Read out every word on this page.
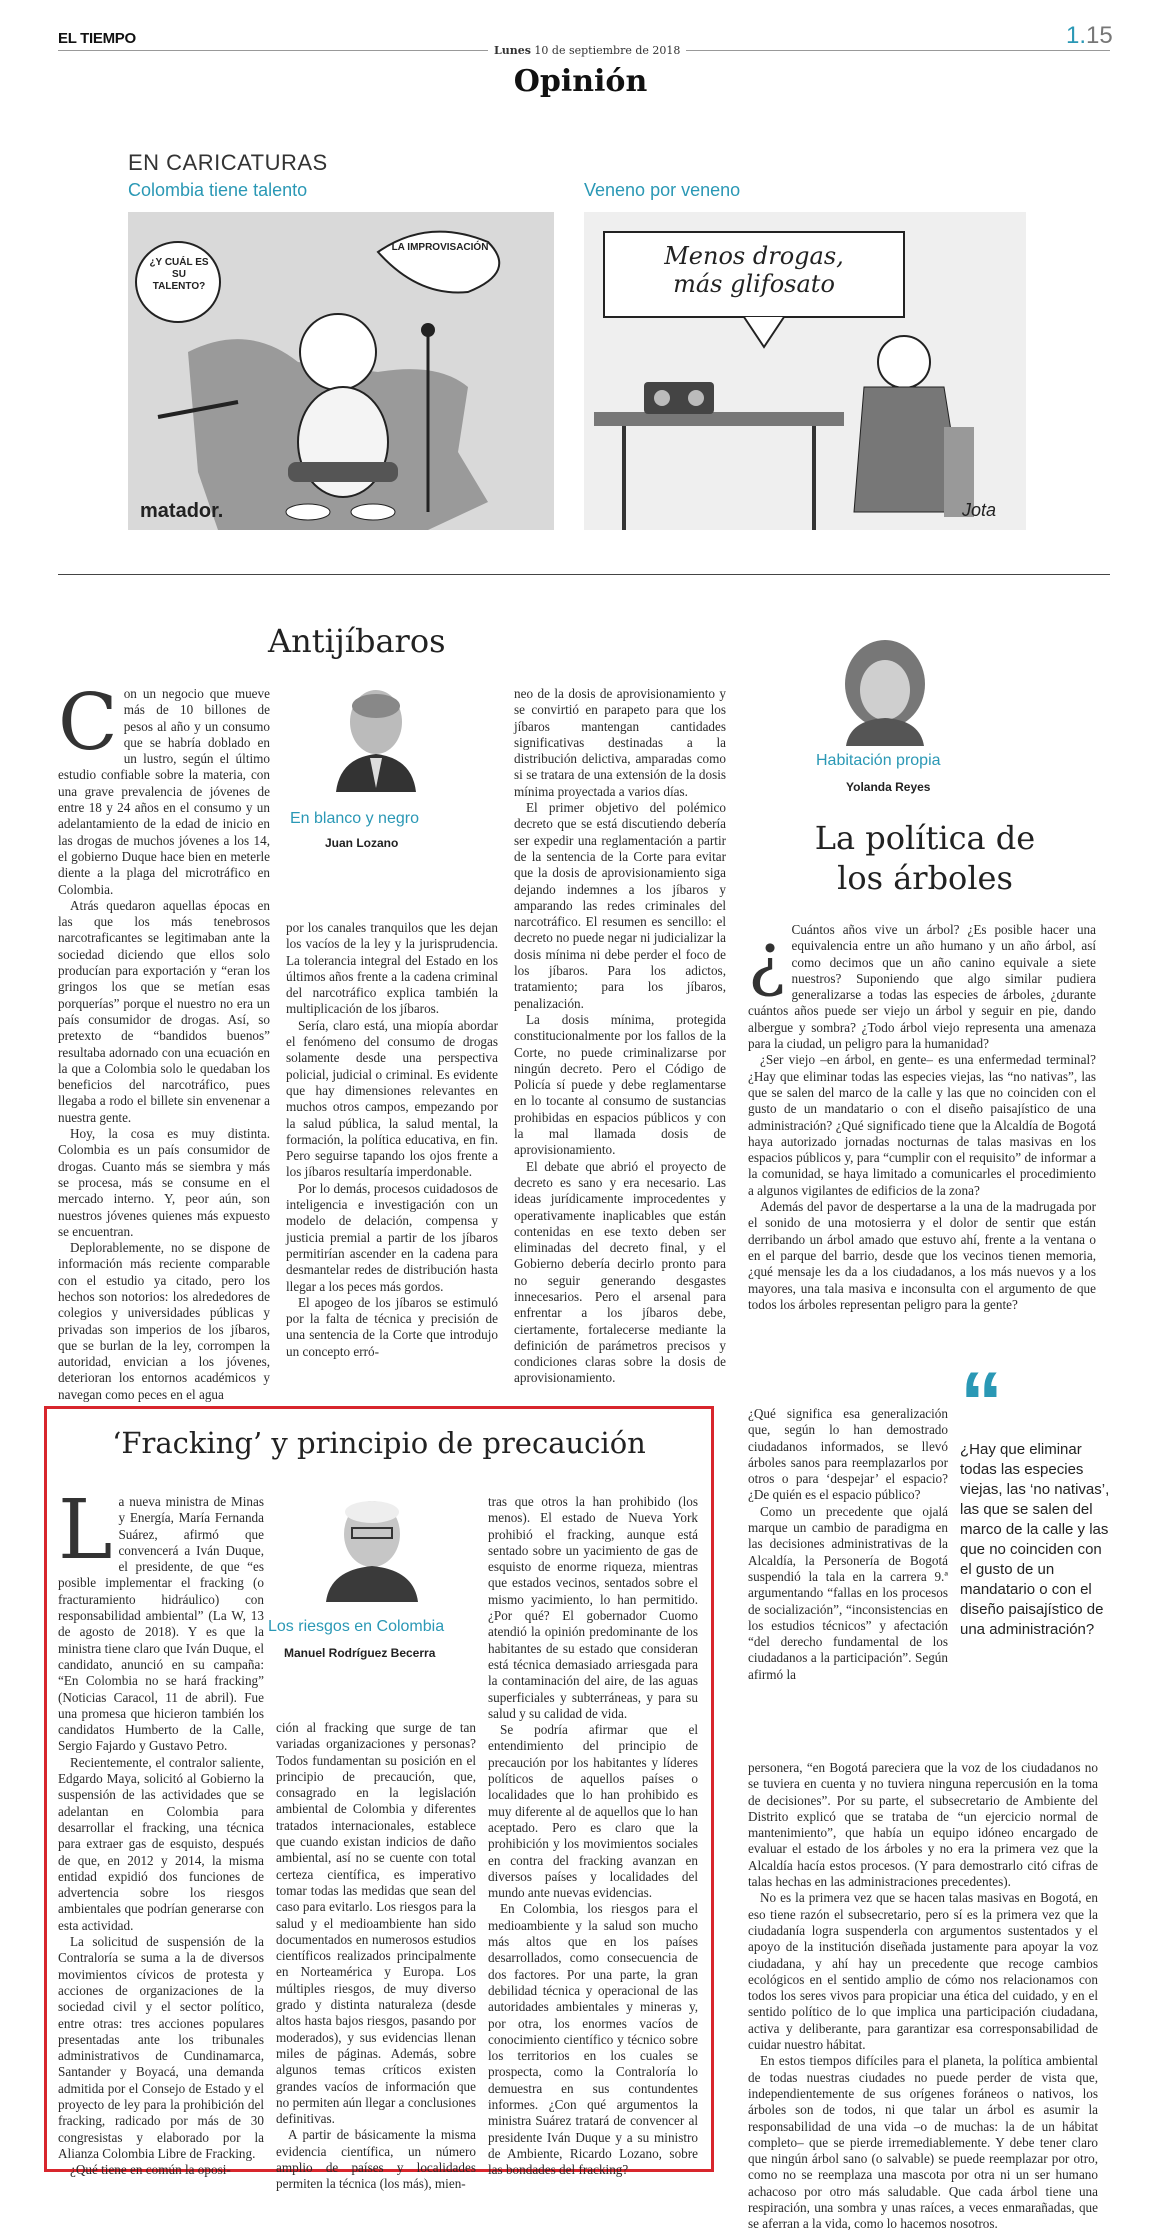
EL TIEMPO
Lunes 10 de septiembre de 2018
1.15
Opinión
EN CARICATURAS
Colombia tiene talento	Veneno por veneno
¿Y CUÁL ES SU TALENTO?
LA IMPROVISACIÓN
matador.
Menos drogas,
más glifosato
Jota
Antijíbaros
En blanco y negro
Juan Lozano
C on un negocio que mueve más de 10 billones de pesos al año y un consumo que se habría doblado en un lustro, según el último estudio confiable sobre la materia, con una grave prevalencia de jóvenes de entre 18 y 24 años en el consumo y un adelantamiento de la edad de inicio en las drogas de muchos jóvenes a los 14, el gobierno Duque hace bien en meterle diente a la plaga del microtráfico en Colombia.

Atrás quedaron aquellas épocas en las que los más tenebrosos narcotraficantes se legitimaban ante la sociedad diciendo que ellos solo producían para exportación y “eran los gringos los que se metían esas porquerías” porque el nuestro no era un país consumidor de drogas. Así, so pretexto de “bandidos buenos” resultaba adornado con una ecuación en la que a Colombia solo le quedaban los beneficios del narcotráfico, pues llegaba a rodo el billete sin envenenar a nuestra gente.

Hoy, la cosa es muy distinta. Colombia es un país consumidor de drogas. Cuanto más se siembra y más se procesa, más se consume en el mercado interno. Y, peor aún, son nuestros jóvenes quienes más expuesto se encuentran.

Deplorablemente, no se dispone de información más reciente comparable con el estudio ya citado, pero los hechos son notorios: los alrededores de colegios y universidades públicas y privadas son imperios de los jíbaros, que se burlan de la ley, corrompen la autoridad, envician a los jóvenes, deterioran los entornos académicos y navegan como peces en el agua

por los canales tranquilos que les dejan los vacíos de la ley y la jurisprudencia. La tolerancia integral del Estado en los últimos años frente a la cadena criminal del narcotráfico explica también la multiplicación de los jíbaros.

Sería, claro está, una miopía abordar el fenómeno del consumo de drogas solamente desde una perspectiva policial, judicial o criminal. Es evidente que hay dimensiones relevantes en muchos otros campos, empezando por la salud pública, la salud mental, la formación, la política educativa, en fin. Pero seguirse tapando los ojos frente a los jíbaros resultaría imperdonable.

Por lo demás, procesos cuidadosos de inteligencia e investigación con un modelo de delación, compensa y justicia premial a partir de los jíbaros permitirían ascender en la cadena para desmantelar redes de distribución hasta llegar a los peces más gordos.

El apogeo de los jíbaros se estimuló por la falta de técnica y precisión de una sentencia de la Corte que introdujo un concepto erró-

neo de la dosis de aprovisionamiento y se convirtió en parapeto para que los jíbaros mantengan cantidades significativas destinadas a la distribución delictiva, amparadas como si se tratara de una extensión de la dosis mínima proyectada a varios días.

El primer objetivo del polémico decreto que se está discutiendo debería ser expedir una reglamentación a partir de la sentencia de la Corte para evitar que la dosis de aprovisionamiento siga dejando indemnes a los jíbaros y amparando las redes criminales del narcotráfico. El resumen es sencillo: el decreto no puede negar ni judicializar la dosis mínima ni debe perder el foco de los jíbaros. Para los adictos, tratamiento; para los jíbaros, penalización.

La dosis mínima, protegida constitucionalmente por los fallos de la Corte, no puede criminalizarse por ningún decreto. Pero el Código de Policía sí puede y debe reglamentarse en lo tocante al consumo de sustancias prohibidas en espacios públicos y con la mal llamada dosis de aprovisionamiento.

El debate que abrió el proyecto de decreto es sano y era necesario. Las ideas jurídicamente improcedentes y operativamente inaplicables que están contenidas en ese texto deben ser eliminadas del decreto final, y el Gobierno debería decirlo pronto para no seguir generando desgastes innecesarios. Pero el arsenal para enfrentar a los jíbaros debe, ciertamente, fortalecerse mediante la definición de parámetros precisos y condiciones claras sobre la dosis de aprovisionamiento.

‘Fracking’ y principio de precaución
Los riesgos en Colombia
Manuel Rodríguez Becerra
L a nueva ministra de Minas y Energía, María Fernanda Suárez, afirmó que convencerá a Iván Duque, el presidente, de que “es posible implementar el fracking (o fracturamiento hidráulico) con responsabilidad ambiental” (La W, 13 de agosto de 2018). Y es que la ministra tiene claro que Iván Duque, el candidato, anunció en su campaña: “En Colombia no se hará fracking” (Noticias Caracol, 11 de abril). Fue una promesa que hicieron también los candidatos Humberto de la Calle, Sergio Fajardo y Gustavo Petro.

Recientemente, el contralor saliente, Edgardo Maya, solicitó al Gobierno la suspensión de las actividades que se adelantan en Colombia para desarrollar el fracking, una técnica para extraer gas de esquisto, después de que, en 2012 y 2014, la misma entidad expidió dos funciones de advertencia sobre los riesgos ambientales que podrían generarse con esta actividad.

La solicitud de suspensión de la Contraloría se suma a la de diversos movimientos cívicos de protesta y acciones de organizaciones de la sociedad civil y el sector político, entre otras: tres acciones populares presentadas ante los tribunales administrativos de Cundinamarca, Santander y Boyacá, una demanda admitida por el Consejo de Estado y el proyecto de ley para la prohibición del fracking, radicado por más de 30 congresistas y elaborado por la Alianza Colombia Libre de Fracking.

¿Qué tiene en común la oposi-

ción al fracking que surge de tan variadas organizaciones y personas? Todos fundamentan su posición en el principio de precaución, que, consagrado en la legislación ambiental de Colombia y diferentes tratados internacionales, establece que cuando existan indicios de daño ambiental, así no se cuente con total certeza científica, es imperativo tomar todas las medidas que sean del caso para evitarlo. Los riesgos para la salud y el medioambiente han sido documentados en numerosos estudios científicos realizados principalmente en Norteamérica y Europa. Los múltiples riesgos, de muy diverso grado y distinta naturaleza (desde altos hasta bajos riesgos, pasando por moderados), y sus evidencias llenan miles de páginas. Además, sobre algunos temas críticos existen grandes vacíos de información que no permiten aún llegar a conclusiones definitivas.

A partir de básicamente la misma evidencia científica, un número amplio de países y localidades permiten la técnica (los más), mien-

tras que otros la han prohibido (los menos). El estado de Nueva York prohibió el fracking, aunque está sentado sobre un yacimiento de gas de esquisto de enorme riqueza, mientras que estados vecinos, sentados sobre el mismo yacimiento, lo han permitido. ¿Por qué? El gobernador Cuomo atendió la opinión predominante de los habitantes de su estado que consideran está técnica demasiado arriesgada para la contaminación del aire, de las aguas superficiales y subterráneas, y para su salud y su calidad de vida.

Se podría afirmar que el entendimiento del principio de precaución por los habitantes y líderes políticos de aquellos países o localidades que lo han prohibido es muy diferente al de aquellos que lo han aceptado. Pero es claro que la prohibición y los movimientos sociales en contra del fracking avanzan en diversos países y localidades del mundo ante nuevas evidencias.

En Colombia, los riesgos para el medioambiente y la salud son mucho más altos que en los países desarrollados, como consecuencia de dos factores. Por una parte, la gran debilidad técnica y operacional de las autoridades ambientales y mineras y, por otra, los enormes vacíos de conocimiento científico y técnico sobre los territorios en los cuales se prospecta, como la Contraloría lo demuestra en sus contundentes informes. ¿Con qué argumentos la ministra Suárez tratará de convencer al presidente Iván Duque y a su ministro de Ambiente, Ricardo Lozano, sobre las bondades del fracking?

Habitación propia
Yolanda Reyes
La política de
los árboles
¿ Cuántos años vive un árbol? ¿Es posible hacer una equivalencia entre un año humano y un año árbol, así como decimos que un año canino equivale a siete nuestros? Suponiendo que algo similar pudiera generalizarse a todas las especies de árboles, ¿durante cuántos años puede ser viejo un árbol y seguir en pie, dando albergue y sombra? ¿Todo árbol viejo representa una amenaza para la ciudad, un peligro para la humanidad?

¿Ser viejo –en árbol, en gente– es una enfermedad terminal? ¿Hay que eliminar todas las especies viejas, las “no nativas”, las que se salen del marco de la calle y las que no coinciden con el gusto de un mandatario o con el diseño paisajístico de una administración? ¿Qué significado tiene que la Alcaldía de Bogotá haya autorizado jornadas nocturnas de talas masivas en los espacios públicos y, para “cumplir con el requisito” de informar a la comunidad, se haya limitado a comunicarles el procedimiento a algunos vigilantes de edificios de la zona?

Además del pavor de despertarse a la una de la madrugada por el sonido de una motosierra y el dolor de sentir que están derribando un árbol amado que estuvo ahí, frente a la ventana o en el parque del barrio, desde que los vecinos tienen memoria, ¿qué mensaje les da a los ciudadanos, a los más nuevos y a los mayores, una tala masiva e inconsulta con el argumento de que todos los árboles representan peligro para la gente?

¿Qué significa esa generalización que, según lo han demostrado ciudadanos informados, se llevó árboles sanos para reemplazarlos por otros o para ‘despejar’ el espacio? ¿De quién es el espacio público?

Como un precedente que ojalá marque un cambio de paradigma en las decisiones administrativas de la Alcaldía, la Personería de Bogotá suspendió la tala en la carrera 9.ª argumentando “fallas en los procesos de socialización”, “inconsistencias en los estudios técnicos” y afectación “del derecho fundamental de los ciudadanos a la participación”. Según afirmó la

“
¿Hay que eliminar todas las especies viejas, las ‘no nativas’, las que se salen del marco de la calle y las que no coinciden con el gusto de un mandatario o con el diseño paisajístico de una administración?

personera, “en Bogotá pareciera que la voz de los ciudadanos no se tuviera en cuenta y no tuviera ninguna repercusión en la toma de decisiones”. Por su parte, el subsecretario de Ambiente del Distrito explicó que se trataba de “un ejercicio normal de mantenimiento”, que había un equipo idóneo encargado de evaluar el estado de los árboles y no era la primera vez que la Alcaldía hacía estos procesos. (Y para demostrarlo citó cifras de talas hechas en las administraciones precedentes).

No es la primera vez que se hacen talas masivas en Bogotá, en eso tiene razón el subsecretario, pero sí es la primera vez que la ciudadanía logra suspenderla con argumentos sustentados y el apoyo de la institución diseñada justamente para apoyar la voz ciudadana, y ahí hay un precedente que recoge cambios ecológicos en el sentido amplio de cómo nos relacionamos con todos los seres vivos para propiciar una ética del cuidado, y en el sentido político de lo que implica una participación ciudadana, activa y deliberante, para garantizar esa corresponsabilidad de cuidar nuestro hábitat.

En estos tiempos difíciles para el planeta, la política ambiental de todas nuestras ciudades no puede perder de vista que, independientemente de sus orígenes foráneos o nativos, los árboles son de todos, ni que talar un árbol es asumir la responsabilidad de una vida –o de muchas: la de un hábitat completo– que se pierde irremediablemente. Y debe tener claro que ningún árbol sano (o salvable) se puede reemplazar por otro, como no se reemplaza una mascota por otra ni un ser humano achacoso por otro más saludable. Que cada árbol tiene una respiración, una sombra y unas raíces, a veces enmarañadas, que se aferran a la vida, como lo hacemos nosotros.
